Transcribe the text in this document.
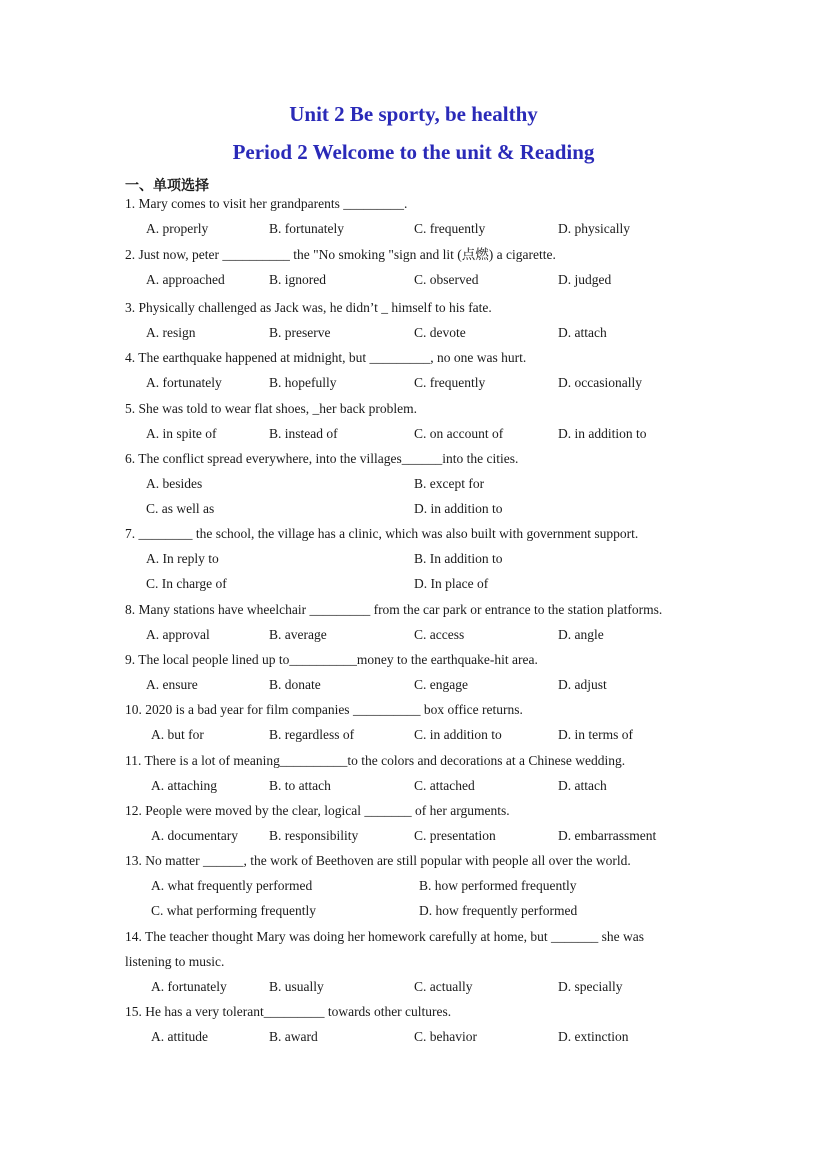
Unit 2 Be sporty, be healthy
Period 2 Welcome to the unit & Reading
一、单项选择
1. Mary comes to visit her grandparents _________.
A. properly	B. fortunately	C. frequently	D. physically
2. Just now, peter __________ the "No smoking "sign and lit (点燃) a cigarette.
A. approached	B. ignored	C. observed	D. judged
3. Physically challenged as Jack was, he didn’t _ himself to his fate.
A. resign	B. preserve	C. devote	D. attach
4. The earthquake happened at midnight, but _________, no one was hurt.
A. fortunately	B. hopefully	C. frequently	D. occasionally
5. She was told to wear flat shoes, _her back problem.
A. in spite of	B. instead of	C. on account of	D. in addition to
6. The conflict spread everywhere, into the villages______into the cities.
A. besides	B. except for
C. as well as	D. in addition to
7. ________ the school, the village has a clinic, which was also built with government support.
A. In reply to	B. In addition to
C. In charge of	D. In place of
8. Many stations have wheelchair _________ from the car park or entrance to the station platforms.
A. approval	B. average	C. access	D. angle
9. The local people lined up to__________money to the earthquake-hit area.
A. ensure	B. donate	C. engage	D. adjust
10. 2020 is a bad year for film companies __________ box office returns.
A. but for	B. regardless of	C. in addition to	D. in terms of
11. There is a lot of meaning__________to the colors and decorations at a Chinese wedding.
A. attaching	B. to attach	C. attached	D. attach
12. People were moved by the clear, logical _______ of her arguments.
A. documentary B. responsibility	C. presentation	D. embarrassment
13. No matter ______, the work of Beethoven are still popular with people all over the world.
A. what frequently performed	B. how performed frequently
C. what performing frequently	D. how frequently performed
14. The teacher thought Mary was doing her homework carefully at home, but _______ she was
listening to music.
A. fortunately	B. usually	C. actually	D. specially
15. He has a very tolerant_________ towards other cultures.
A. attitude	B. award	C. behavior	D. extinction
